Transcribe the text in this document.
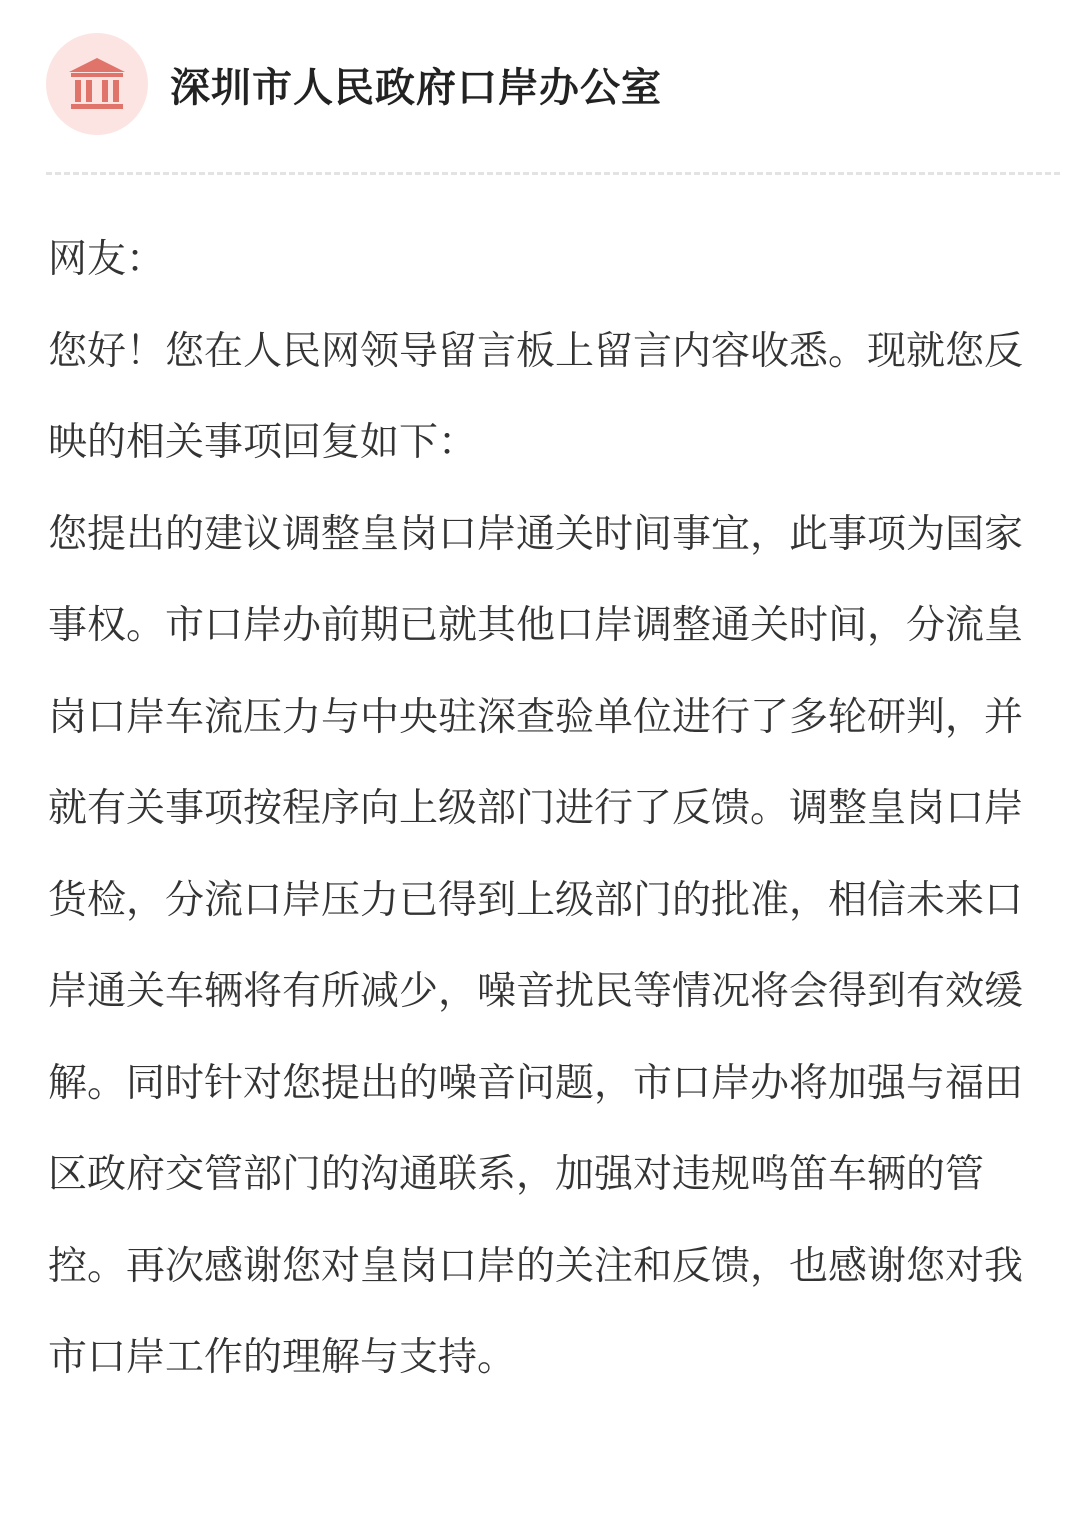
深圳市人民政府口岸办公室

网友：

您好！您在人民网领导留言板上留言内容收悉。现就您反映的相关事项回复如下：

您提出的建议调整皇岗口岸通关时间事宜，此事项为国家事权。市口岸办前期已就其他口岸调整通关时间，分流皇岗口岸车流压力与中央驻深查验单位进行了多轮研判，并就有关事项按程序向上级部门进行了反馈。调整皇岗口岸货检，分流口岸压力已得到上级部门的批准，相信未来口岸通关车辆将有所减少，噪音扰民等情况将会得到有效缓解。同时针对您提出的噪音问题，市口岸办将加强与福田区政府交管部门的沟通联系，加强对违规鸣笛车辆的管控。再次感谢您对皇岗口岸的关注和反馈，也感谢您对我市口岸工作的理解与支持。
